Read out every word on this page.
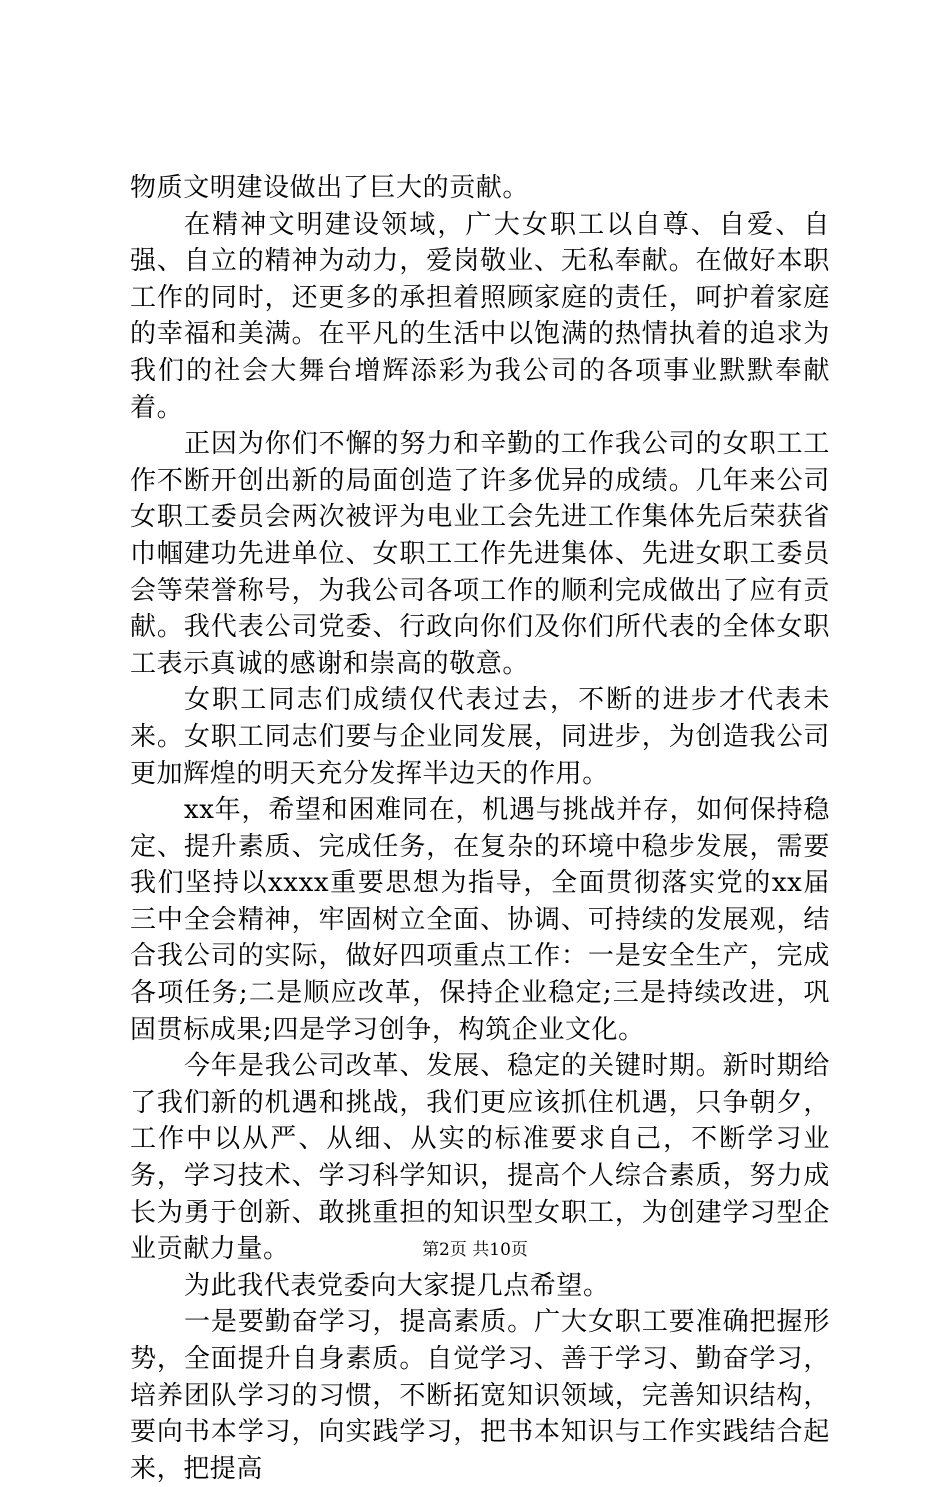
物质文明建设做出了巨大的贡献。

在精神文明建设领域，广大女职工以自尊、自爱、自强、自立的精神为动力，爱岗敬业、无私奉献。在做好本职工作的同时，还更多的承担着照顾家庭的责任，呵护着家庭的幸福和美满。在平凡的生活中以饱满的热情执着的追求为我们的社会大舞台增辉添彩为我公司的各项事业默默奉献着。

正因为你们不懈的努力和辛勤的工作我公司的女职工工作不断开创出新的局面创造了许多优异的成绩。几年来公司女职工委员会两次被评为电业工会先进工作集体先后荣获省巾帼建功先进单位、女职工工作先进集体、先进女职工委员会等荣誉称号，为我公司各项工作的顺利完成做出了应有贡献。我代表公司党委、行政向你们及你们所代表的全体女职工表示真诚的感谢和崇高的敬意。

女职工同志们成绩仅代表过去，不断的进步才代表未来。女职工同志们要与企业同发展，同进步，为创造我公司更加辉煌的明天充分发挥半边天的作用。

xx年，希望和困难同在，机遇与挑战并存，如何保持稳定、提升素质、完成任务，在复杂的环境中稳步发展，需要我们坚持以xxxx重要思想为指导，全面贯彻落实党的xx届三中全会精神，牢固树立全面、协调、可持续的发展观，结合我公司的实际，做好四项重点工作：一是安全生产，完成各项任务;二是顺应改革，保持企业稳定;三是持续改进，巩固贯标成果;四是学习创争，构筑企业文化。

今年是我公司改革、发展、稳定的关键时期。新时期给了我们新的机遇和挑战，我们更应该抓住机遇，只争朝夕，工作中以从严、从细、从实的标准要求自己，不断学习业务，学习技术、学习科学知识，提高个人综合素质，努力成长为勇于创新、敢挑重担的知识型女职工，为创建学习型企业贡献力量。

为此我代表党委向大家提几点希望。

一是要勤奋学习，提高素质。广大女职工要准确把握形势，全面提升自身素质。自觉学习、善于学习、勤奋学习，培养团队学习的习惯，不断拓宽知识领域，完善知识结构，要向书本学习，向实践学习，把书本知识与工作实践结合起来，把提高

第2页 共10页
